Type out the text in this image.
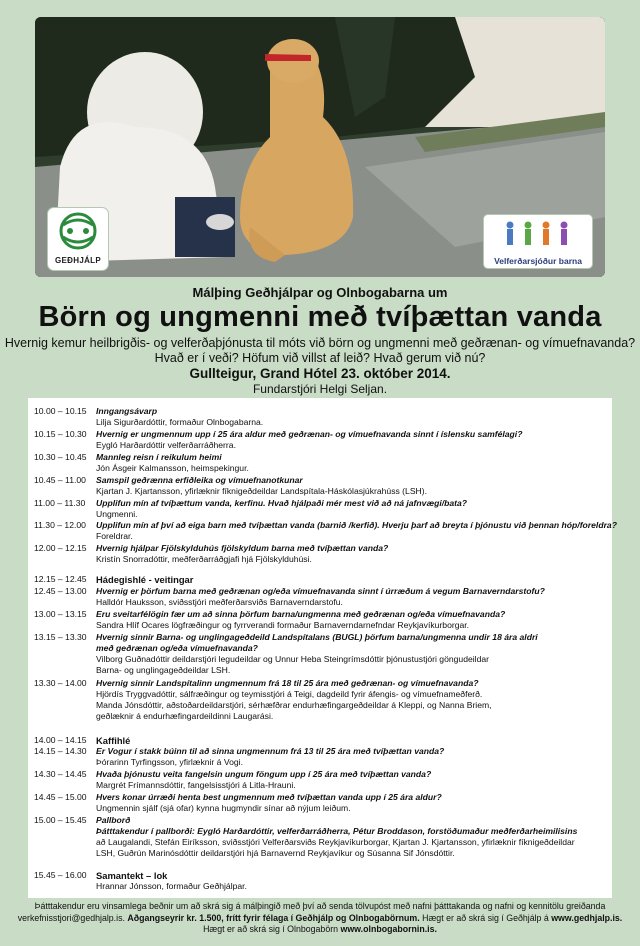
GEÐHJÁLP	Velferðarsjóður barna
Málþing Geðhjálpar og Olnbogabarna um
Börn og ungmenni með tvíþættan vanda
Hvernig kemur heilbrigðis- og velferðaþjónusta til móts við börn og ungmenni með geðrænan- og vímuefnavanda?
Hvað er í veði? Höfum við villst af leið? Hvað gerum við nú?
Gullteigur, Grand Hótel 23. október 2014.
Fundarstjóri Helgi Seljan.
10.00 – 10.15	Inngangsávarp
Lilja Sigurðardóttir, formaður Olnbogabarna.
10.15 – 10.30	Hvernig er ungmennum upp í 25 ára aldur með geðrænan- og vímuefnavanda sinnt í íslensku samfélagi?
Eygló Harðardóttir velferðarráðherra.
10.30 – 10.45	Mannleg reisn í reikulum heimi
Jón Ásgeir Kalmansson, heimspekingur.
10.45 – 11.00	Samspil geðrænna erfiðleika og vímuefnanotkunar
Kjartan J. Kjartansson, yfirlæknir fíknigeðdeildar Landspítala-Háskólasjúkrahúss (LSH).
11.00 – 11.30	Upplifun mín af tvíþættum vanda, kerfinu. Hvað hjálpaði mér mest við að ná jafnvægi/bata?
Ungmenni.
11.30 – 12.00	Upplifun mín af því að eiga barn með tvíþættan vanda (barnið /kerfið). Hverju þarf að breyta í þjónustu við þennan hóp/foreldra?
Foreldrar.
12.00 – 12.15	Hvernig hjálpar Fjölskylduhús fjölskyldum barna með tvíþættan vanda?
Kristín Snorradóttir, meðferðarráðgjafi hjá Fjölskylduhúsi.
12.15 – 12.45	Hádegishlé - veitingar
12.45 – 13.00	Hvernig er þörfum barna með geðrænan og/eða vímuefnavanda sinnt í úrræðum á vegum Barnaverndarstofu?
Halldór Hauksson, sviðsstjóri meðferðarsviðs Barnaverndarstofu.
13.00 – 13.15	Eru sveitarfélögin fær um að sinna þörfum barna/ungmenna með geðrænan og/eða vímuefnavanda?
Sandra Hlíf Ocares lögfræðingur og fyrrverandi formaður Barnaverndarnefndar Reykjavíkurborgar.
13.15 – 13.30	Hvernig sinnir Barna- og unglingageðdeild Landspítalans (BUGL) þörfum barna/ungmenna undir 18 ára aldri
með geðrænan og/eða vímuefnavanda?
Vilborg Guðnadóttir deildarstjóri legudeildar og Unnur Heba Steingrímsdóttir þjónustustjóri göngudeildar
Barna- og unglingageðdeildar LSH.
13.30 – 14.00	Hvernig sinnir Landspítalinn ungmennum frá 18 til 25 ára með geðrænan- og vímuefnavanda?
Hjördís Tryggvadóttir, sálfræðingur og teymisstjóri á Teigi, dagdeild fyrir áfengis- og vímuefnameðferð.
Manda Jónsdóttir, aðstoðardeildarstjóri, sérhæfðrar endurhæfingargeðdeildar á Kleppi, og Nanna Briem,
geðlæknir á endurhæfingardeildinni Laugarási.
14.00 – 14.15	Kaffihlé
14.15 – 14.30	Er Vogur í stakk búinn til að sinna ungmennum frá 13 til 25 ára með tvíþættan vanda?
Þórarinn Tyrfingsson, yfirlæknir á Vogi.
14.30 – 14.45	Hvaða þjónustu veita fangelsin ungum föngum upp í 25 ára með tvíþættan vanda?
Margrét Frímannsdóttir, fangelsisstjóri á Litla-Hrauni.
14.45 – 15.00	Hvers konar úrræði henta best ungmennum með tvíþættan vanda upp í 25 ára aldur?
Ungmennin sjálf (sjá ofar) kynna hugmyndir sínar að nýjum leiðum.
15.00 – 15.45	Pallborð
Þátttakendur í pallborði: Eygló Harðardóttir, velferðarráðherra, Pétur Broddason, forstöðumaður meðferðarheimilisins
að Laugalandi, Stefán Eiríksson, sviðsstjóri Velferðarsviðs Reykjavíkurborgar, Kjartan J. Kjartansson, yfirlæknir fíknigeðdeildar
LSH, Guðrún Marinósdóttir deildarstjóri hjá Barnavernd Reykjavíkur og Súsanna Sif Jónsdóttir.
15.45 – 16.00	Samantekt – lok
Hrannar Jónsson, formaður Geðhjálpar.
Þátttakendur eru vinsamlega beðnir um að skrá sig á málþingið með því að senda tölvupóst með nafni þátttakanda og nafni og kennitölu greiðanda
verkefnisstjori@gedhjalp.is. Aðgangseyrir kr. 1.500, frítt fyrir félaga í Geðhjálp og Olnbogabörnum. Hægt er að skrá sig í Geðhjálp á www.gedhjalp.is.
Hægt er að skrá sig í Olnbogabörn www.olnbogabornin.is.
